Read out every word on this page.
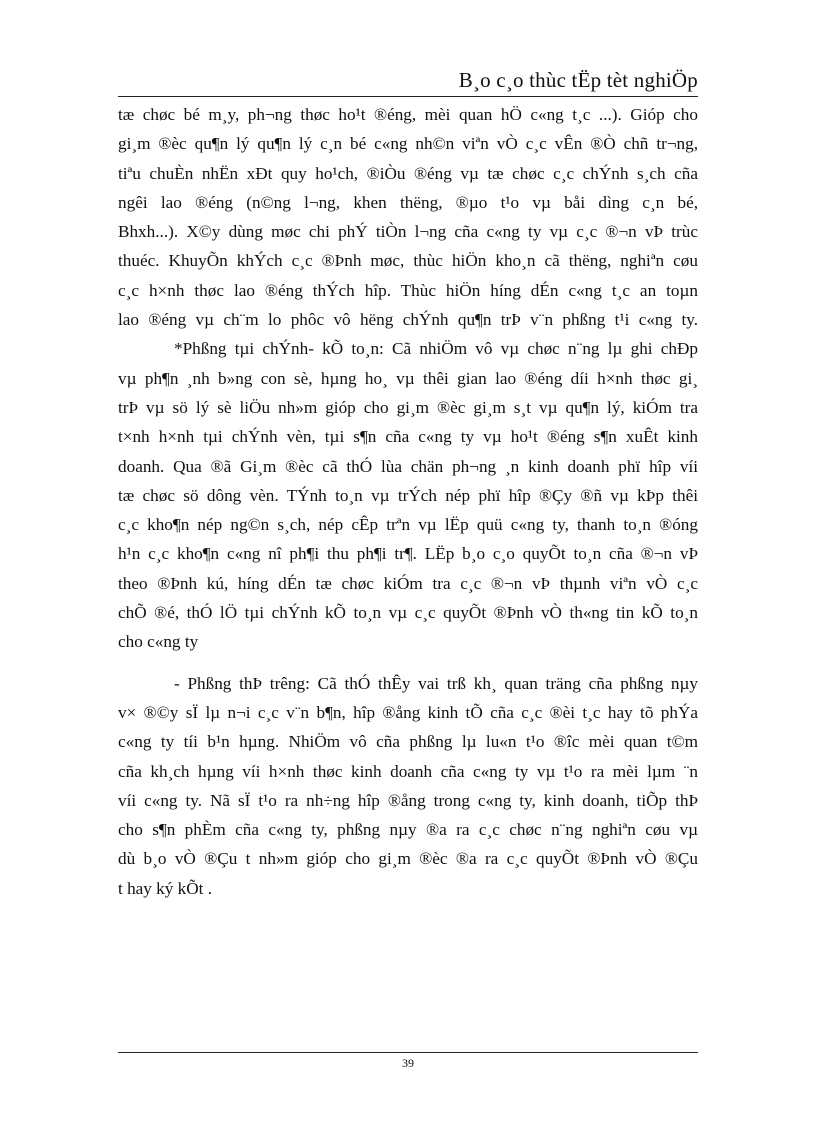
B¸o c¸o thùc tËp tèt nghiÖp
tæ chøc bé m¸y, ph¬ng thøc ho¹t ®éng, mèi quan hÖ c«ng t¸c ...). Gióp cho
gi¸m ®èc qu¶n lý qu¶n lý c¸n bé c«ng nh©n viªn vÒ c¸c vÊn ®Ò chñ tr¬ng,
tiªu chuÈn nhËn xÐt quy ho¹ch, ®iÒu ®éng vµ tæ chøc c¸c chÝnh s¸ch cña
ngêi lao ®éng (n©ng l¬ng, khen thëng, ®µo t¹o vµ båi dìng c¸n bé,
Bhxh...). X©y dùng møc chi phÝ tiÒn l¬ng cña c«ng ty vµ c¸c ®¬n vÞ trùc
thuéc. KhuyÕn khÝch c¸c ®Þnh møc, thùc hiÖn kho¸n cã thëng, nghiªn cøu
c¸c h×nh thøc lao ®éng thÝch hîp. Thùc hiÖn híng dÉn c«ng t¸c an toµn
lao ®éng vµ ch¨m lo phôc vô hëng chÝnh qu¶n trÞ v¨n phßng t¹i c«ng ty.
*Phßng tµi chÝnh- kÕ to¸n: Cã nhiÖm vô vµ chøc n¨ng lµ ghi chÐp
vµ ph¶n ¸nh b»ng con sè, hµng ho¸ vµ thêi gian lao ®éng díi h×nh thøc gi¸
trÞ vµ sö lý sè liÖu nh»m gióp cho gi¸m ®èc gi¸m s¸t vµ qu¶n lý, kiÓm tra
t×nh h×nh tµi chÝnh vèn, tµi s¶n cña c«ng ty vµ ho¹t ®éng s¶n xuÊt kinh
doanh. Qua ®ã Gi¸m ®èc cã thÓ lùa chän ph¬ng ¸n kinh doanh phï hîp víi
tæ chøc sö dông vèn. TÝnh to¸n vµ trÝch nép phï hîp ®Çy ®ñ vµ kÞp thêi
c¸c kho¶n nép ng©n s¸ch, nép cÊp trªn vµ lËp quü c«ng ty, thanh to¸n ®óng
h¹n c¸c kho¶n c«ng nî ph¶i thu ph¶i tr¶. LËp b¸o c¸o quyÕt to¸n cña ®¬n vÞ
theo ®Þnh kú, híng dÉn tæ chøc kiÓm tra c¸c ®¬n vÞ thµnh viªn vÒ c¸c
chÕ ®é, thÓ lÖ tµi chÝnh kÕ to¸n vµ c¸c quyÕt ®Þnh vÒ th«ng tin kÕ to¸n
cho c«ng ty
- Phßng thÞ trêng: Cã thÓ thÊy vai trß kh¸ quan träng cña phßng nµy
v× ®©y sÏ lµ n¬i c¸c v¨n b¶n, hîp ®ång kinh tÕ cña c¸c ®èi t¸c hay tõ phÝa
c«ng ty tíi b¹n hµng. NhiÖm vô cña phßng lµ lu«n t¹o ®îc mèi quan t©m
cña kh¸ch hµng víi h×nh thøc kinh doanh cña c«ng ty vµ t¹o ra mèi lµm ¨n
víi c«ng ty. Nã sÏ t¹o ra nh÷ng hîp ®ång trong c«ng ty, kinh doanh, tiÕp thÞ
cho s¶n phÈm cña c«ng ty, phßng nµy ®a ra c¸c chøc n¨ng nghiªn cøu vµ
dù b¸o vÒ ®Çu t nh»m gióp cho gi¸m ®èc ®a ra c¸c quyÕt ®Þnh vÒ ®Çu
t hay ký kÕt .
39
